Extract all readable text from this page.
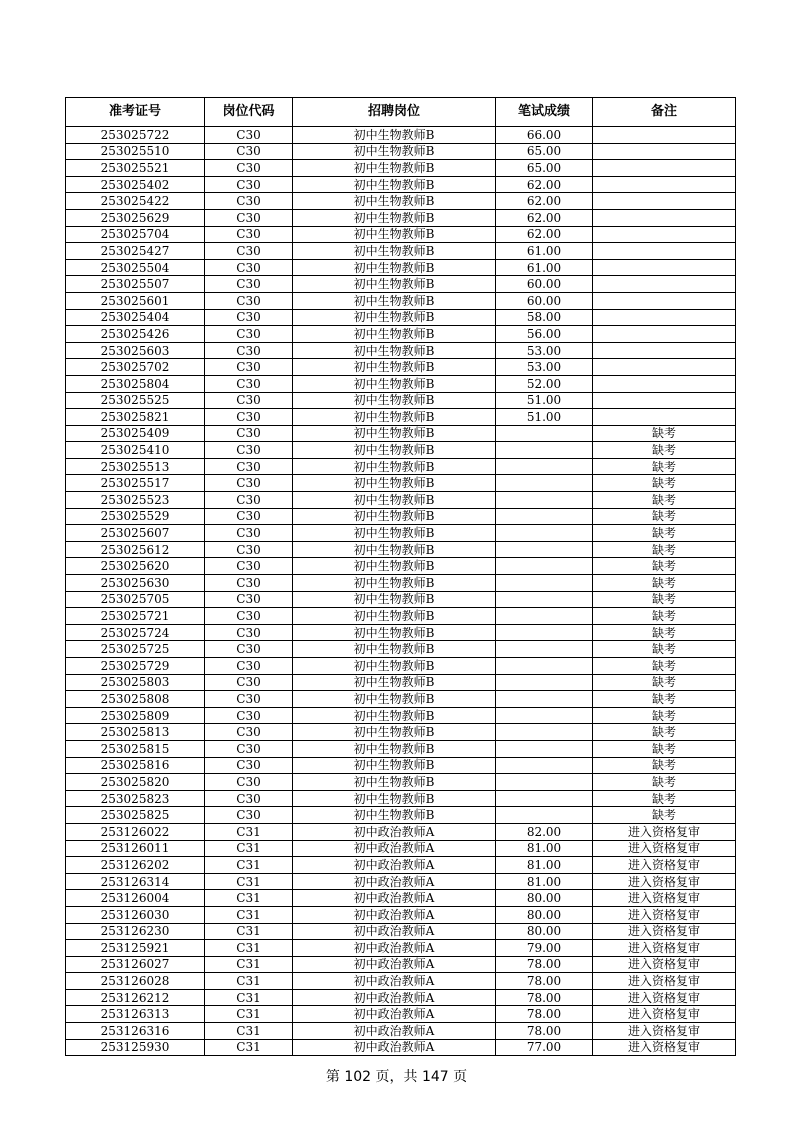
准考证号	岗位代码	招聘岗位	笔试成绩	备注
253025722	C30	初中生物教师B	66.00	
253025510	C30	初中生物教师B	65.00	
253025521	C30	初中生物教师B	65.00	
253025402	C30	初中生物教师B	62.00	
253025422	C30	初中生物教师B	62.00	
253025629	C30	初中生物教师B	62.00	
253025704	C30	初中生物教师B	62.00	
253025427	C30	初中生物教师B	61.00	
253025504	C30	初中生物教师B	61.00	
253025507	C30	初中生物教师B	60.00	
253025601	C30	初中生物教师B	60.00	
253025404	C30	初中生物教师B	58.00	
253025426	C30	初中生物教师B	56.00	
253025603	C30	初中生物教师B	53.00	
253025702	C30	初中生物教师B	53.00	
253025804	C30	初中生物教师B	52.00	
253025525	C30	初中生物教师B	51.00	
253025821	C30	初中生物教师B	51.00	
253025409	C30	初中生物教师B		缺考
253025410	C30	初中生物教师B		缺考
253025513	C30	初中生物教师B		缺考
253025517	C30	初中生物教师B		缺考
253025523	C30	初中生物教师B		缺考
253025529	C30	初中生物教师B		缺考
253025607	C30	初中生物教师B		缺考
253025612	C30	初中生物教师B		缺考
253025620	C30	初中生物教师B		缺考
253025630	C30	初中生物教师B		缺考
253025705	C30	初中生物教师B		缺考
253025721	C30	初中生物教师B		缺考
253025724	C30	初中生物教师B		缺考
253025725	C30	初中生物教师B		缺考
253025729	C30	初中生物教师B		缺考
253025803	C30	初中生物教师B		缺考
253025808	C30	初中生物教师B		缺考
253025809	C30	初中生物教师B		缺考
253025813	C30	初中生物教师B		缺考
253025815	C30	初中生物教师B		缺考
253025816	C30	初中生物教师B		缺考
253025820	C30	初中生物教师B		缺考
253025823	C30	初中生物教师B		缺考
253025825	C30	初中生物教师B		缺考
253126022	C31	初中政治教师A	82.00	进入资格复审
253126011	C31	初中政治教师A	81.00	进入资格复审
253126202	C31	初中政治教师A	81.00	进入资格复审
253126314	C31	初中政治教师A	81.00	进入资格复审
253126004	C31	初中政治教师A	80.00	进入资格复审
253126030	C31	初中政治教师A	80.00	进入资格复审
253126230	C31	初中政治教师A	80.00	进入资格复审
253125921	C31	初中政治教师A	79.00	进入资格复审
253126027	C31	初中政治教师A	78.00	进入资格复审
253126028	C31	初中政治教师A	78.00	进入资格复审
253126212	C31	初中政治教师A	78.00	进入资格复审
253126313	C31	初中政治教师A	78.00	进入资格复审
253126316	C31	初中政治教师A	78.00	进入资格复审
253125930	C31	初中政治教师A	77.00	进入资格复审
第 102 页，共 147 页
